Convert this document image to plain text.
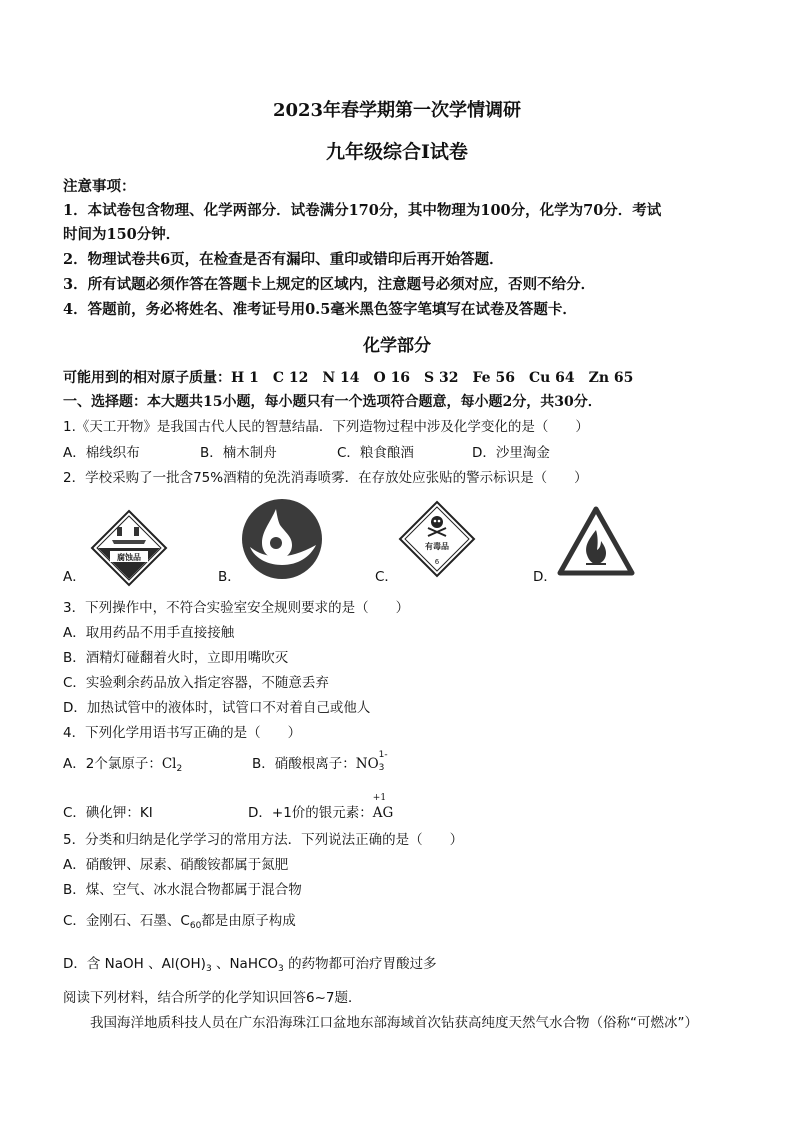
2023年春学期第一次学情调研
九年级综合Ⅰ试卷
注意事项：
1．本试卷包含物理、化学两部分．试卷满分170分，其中物理为100分，化学为70分．考试
时间为150分钟．
2．物理试卷共6页，在检查是否有漏印、重印或错印后再开始答题．
3．所有试题必须作答在答题卡上规定的区域内，注意题号必须对应，否则不给分．
4．答题前，务必将姓名、准考证号用0.5毫米黑色签字笔填写在试卷及答题卡．
化学部分
可能用到的相对原子质量：H 1　C 12　N 14　O 16　S 32　Fe 56　Cu 64　Zn 65
一、选择题：本大题共15小题，每小题只有一个选项符合题意，每小题2分，共30分．
1.《天工开物》是我国古代人民的智慧结晶．下列造物过程中涉及化学变化的是（　　）
A．棉线织布	B．楠木制舟	C．粮食酿酒	D．沙里淘金
2．学校采购了一批含75%酒精的免洗消毒喷雾．在存放处应张贴的警示标识是（　　）
A．	B．	C．	D．
腐蚀品
有毒品
6
3．下列操作中，不符合实验室安全规则要求的是（　　）
A．取用药品不用手直接接触
B．酒精灯碰翻着火时，立即用嘴吹灭
C．实验剩余药品放入指定容器，不随意丢弃
D．加热试管中的液体时，试管口不对着自己或他人
4．下列化学用语书写正确的是（　　）
A．2个氯原子：$Cl_2$	B．硝酸根离子：NO
1-
3
C．碘化钾：KI	D．+1价的银元素：
+1
AG
5．分类和归纳是化学学习的常用方法．下列说法正确的是（　　）
A．硝酸钾、尿素、硝酸铵都属于氮肥
B．煤、空气、冰水混合物都属于混合物
C．金刚石、石墨、$C_{60}$都是由原子构成
D．含 NaOH 、$Al(OH)_3$ 、NaHCO$_3$ 的药物都可治疗胃酸过多
阅读下列材料，结合所学的化学知识回答6~7题．
我国海洋地质科技人员在广东沿海珠江口盆地东部海域首次钻获高纯度天然气水合物（俗称“可燃冰”）
